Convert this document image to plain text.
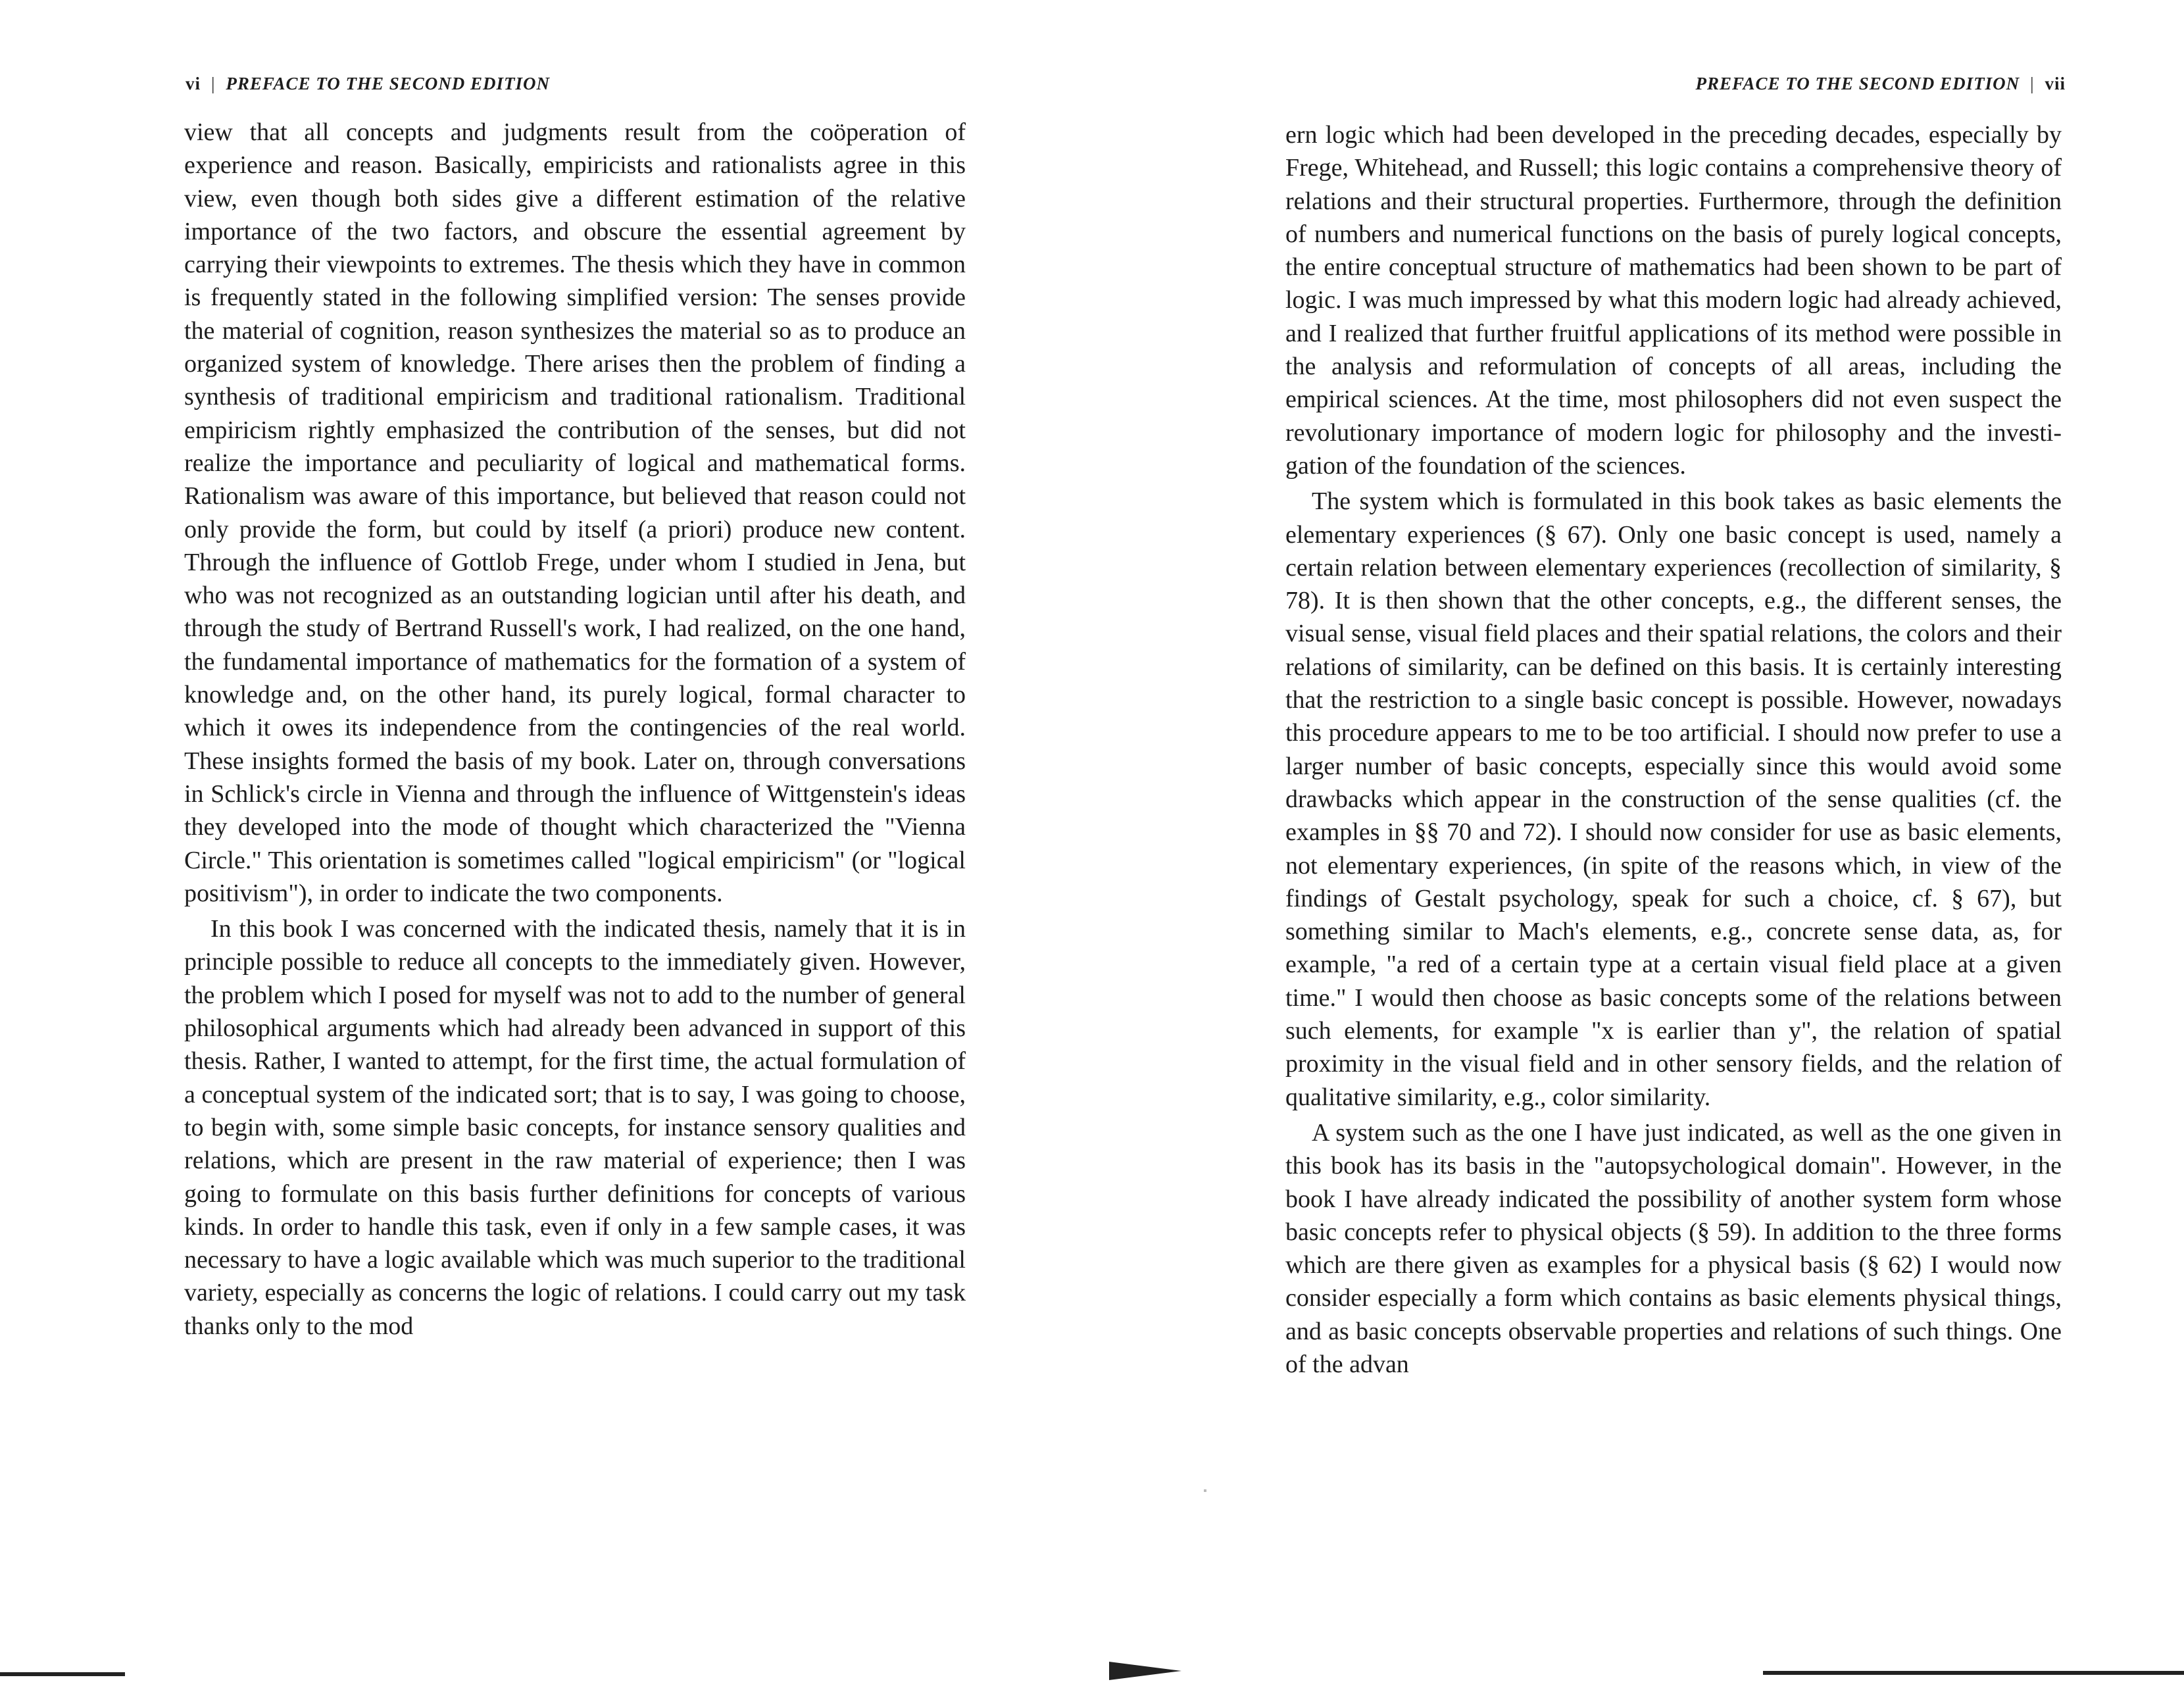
vi | PREFACE TO THE SECOND EDITION

view that all concepts and judgments result from the coöperation of experience and reason. Basically, empiricists and rationalists agree in this view, even though both sides give a different estimation of the relative importance of the two factors, and obscure the essential agreement by carrying their viewpoints to extremes. The thesis which they have in common is frequently stated in the following simplified version: The senses provide the material of cognition, reason synthesizes the material so as to produce an organized system of knowledge. There arises then the problem of finding a synthesis of traditional empiricism and traditional rationalism. Traditional empiricism rightly emphasized the contribution of the senses, but did not realize the importance and peculiarity of logical and mathematical forms. Rationalism was aware of this importance, but believed that reason could not only provide the form, but could by itself (a priori) produce new content. Through the influence of Gottlob Frege, under whom I studied in Jena, but who was not recognized as an outstanding logician until after his death, and through the study of Bertrand Russell's work, I had realized, on the one hand, the fundamental importance of mathematics for the formation of a system of knowledge and, on the other hand, its purely logical, formal character to which it owes its independence from the contingencies of the real world. These insights formed the basis of my book. Later on, through conversations in Schlick's circle in Vienna and through the influence of Wittgenstein's ideas they developed into the mode of thought which characterized the "Vienna Circle." This orientation is sometimes called "logical empiricism" (or "logical positivism"), in order to indicate the two components.

In this book I was concerned with the indicated thesis, namely that it is in principle possible to reduce all concepts to the immediately given. However, the problem which I posed for myself was not to add to the number of general philosophical arguments which had already been advanced in support of this thesis. Rather, I wanted to attempt, for the first time, the actual formulation of a conceptual system of the indicated sort; that is to say, I was going to choose, to begin with, some simple basic concepts, for instance sensory qualities and relations, which are present in the raw material of experience; then I was going to formulate on this basis further definitions for concepts of various kinds. In order to handle this task, even if only in a few sample cases, it was necessary to have a logic available which was much superior to the traditional variety, especially as concerns the logic of relations. I could carry out my task thanks only to the mod

PREFACE TO THE SECOND EDITION | vii

ern logic which had been developed in the preceding decades, especially by Frege, Whitehead, and Russell; this logic contains a comprehensive theory of relations and their structural properties. Furthermore, through the definition of numbers and numerical functions on the basis of purely logical concepts, the entire conceptual structure of mathematics had been shown to be part of logic. I was much impressed by what this modern logic had already achieved, and I realized that further fruitful applications of its method were possible in the analysis and reformulation of concepts of all areas, including the empirical sciences. At the time, most philosophers did not even suspect the revolutionary importance of modern logic for philosophy and the investigation of the foundation of the sciences.

The system which is formulated in this book takes as basic elements the elementary experiences (§ 67). Only one basic concept is used, namely a certain relation between elementary experiences (recollection of similarity, § 78). It is then shown that the other concepts, e.g., the different senses, the visual sense, visual field places and their spatial relations, the colors and their relations of similarity, can be defined on this basis. It is certainly interesting that the restriction to a single basic concept is possible. However, nowadays this procedure appears to me to be too artificial. I should now prefer to use a larger number of basic concepts, especially since this would avoid some drawbacks which appear in the construction of the sense qualities (cf. the examples in §§ 70 and 72). I should now consider for use as basic elements, not elementary experiences, (in spite of the reasons which, in view of the findings of Gestalt psychology, speak for such a choice, cf. § 67), but something similar to Mach's elements, e.g., concrete sense data, as, for example, "a red of a certain type at a certain visual field place at a given time." I would then choose as basic concepts some of the relations between such elements, for example "x is earlier than y", the relation of spatial proximity in the visual field and in other sensory fields, and the relation of qualitative similarity, e.g., color similarity.

A system such as the one I have just indicated, as well as the one given in this book has its basis in the "autopsychological domain". However, in the book I have already indicated the possibility of another system form whose basic concepts refer to physical objects (§ 59). In addition to the three forms which are there given as examples for a physical basis (§ 62) I would now consider especially a form which contains as basic elements physical things, and as basic concepts observable properties and relations of such things. One of the advan
